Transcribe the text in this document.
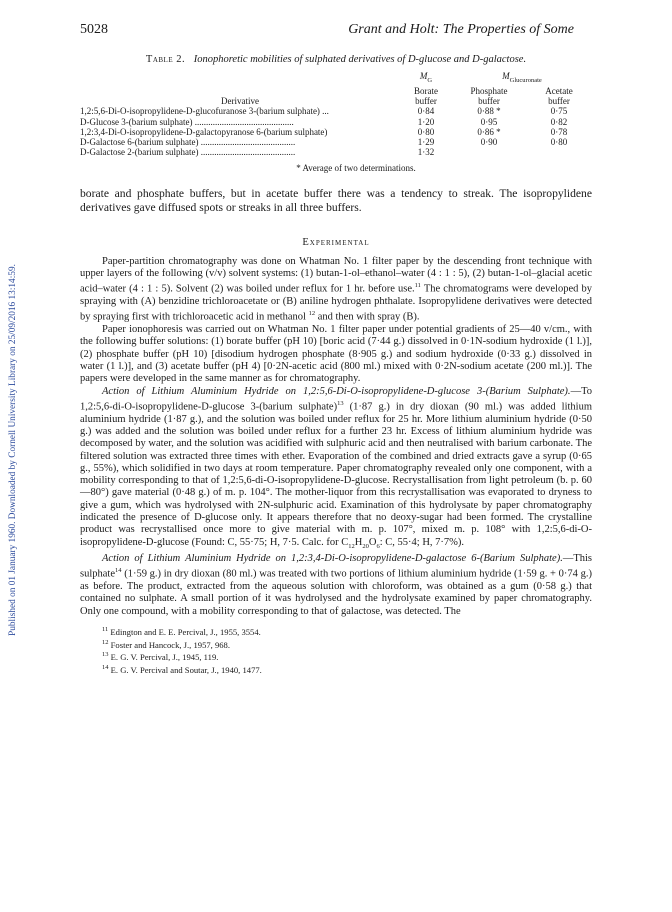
Published on 01 January 1960. Downloaded by Cornell University Library on 25/09/2016 13:14:59.
5028	Grant and Holt: The Properties of Some
Table 2. Ionophoretic mobilities of sulphated derivatives of D-glucose and D-galactose.
	$M_G$	$M_{Glucuronate}$
	Borate	Phosphate	Acetate
Derivative	buffer	buffer	buffer
1,2:5,6-Di-O-isopropylidene-D-glucofuranose 3-(barium sulphate) ...	0·84	0·88 *	0·75
D-Glucose 3-(barium sulphate) ............................................	1·20	0·95	0·82
1,2:3,4-Di-O-isopropylidene-D-galactopyranose 6-(barium sulphate)	0·80	0·86 *	0·78
D-Galactose 6-(barium sulphate) ..........................................	1·29	0·90	0·80
D-Galactose 2-(barium sulphate) ..........................................	1·32		
* Average of two determinations.

borate and phosphate buffers, but in acetate buffer there was a tendency to streak. The isopropylidene derivatives gave diffused spots or streaks in all three buffers.

Experimental

Paper-partition chromatography was done on Whatman No. 1 filter paper by the descending front technique with upper layers of the following (v/v) solvent systems: (1) butan-1-ol–ethanol–water (4 : 1 : 5), (2) butan-1-ol–glacial acetic acid–water (4 : 1 : 5). Solvent (2) was boiled under reflux for 1 hr. before use.$^{11}$ The chromatograms were developed by spraying with (A) benzidine trichloroacetate or (B) aniline hydrogen phthalate. Isopropylidene derivatives were detected by spraying first with trichloroacetic acid in methanol $^{12}$ and then with spray (B).

Paper ionophoresis was carried out on Whatman No. 1 filter paper under potential gradients of 25—40 v/cm., with the following buffer solutions: (1) borate buffer (pH 10) [boric acid (7·44 g.) dissolved in 0·1N-sodium hydroxide (1 l.)], (2) phosphate buffer (pH 10) [disodium hydrogen phosphate (8·905 g.) and sodium hydroxide (0·33 g.) dissolved in water (1 l.)], and (3) acetate buffer (pH 4) [0·2N-acetic acid (800 ml.) mixed with 0·2N-sodium acetate (200 ml.)]. The papers were developed in the same manner as for chromatography.

Action of Lithium Aluminium Hydride on 1,2:5,6-Di-O-isopropylidene-D-glucose 3-(Barium Sulphate).—To 1,2:5,6-di-O-isopropylidene-D-glucose 3-(barium sulphate)$^{13}$ (1·87 g.) in dry dioxan (90 ml.) was added lithium aluminium hydride (1·87 g.), and the solution was boiled under reflux for 25 hr. More lithium aluminium hydride (0·50 g.) was added and the solution was boiled under reflux for a further 23 hr. Excess of lithium aluminium hydride was decomposed by water, and the solution was acidified with sulphuric acid and then neutralised with barium carbonate. The filtered solution was extracted three times with ether. Evaporation of the combined and dried extracts gave a syrup (0·65 g., 55%), which solidified in two days at room temperature. Paper chromatography revealed only one component, with a mobility corresponding to that of 1,2:5,6-di-O-isopropylidene-D-glucose. Recrystallisation from light petroleum (b. p. 60—80°) gave material (0·48 g.) of m. p. 104°. The mother-liquor from this recrystallisation was evaporated to dryness to give a gum, which was hydrolysed with 2N-sulphuric acid. Examination of this hydrolysate by paper chromatography indicated the presence of D-glucose only. It appears therefore that no deoxy-sugar had been formed. The crystalline product was recrystallised once more to give material with m. p. 107°, mixed m. p. 108° with 1,2:5,6-di-O-isopropylidene-D-glucose (Found: C, 55·75; H, 7·5. Calc. for $C_{12}H_{20}O_6$: C, 55·4; H, 7·7%).

Action of Lithium Aluminium Hydride on 1,2:3,4-Di-O-isopropylidene-D-galactose 6-(Barium Sulphate).—This sulphate$^{14}$ (1·59 g.) in dry dioxan (80 ml.) was treated with two portions of lithium aluminium hydride (1·59 g. + 0·74 g.) as before. The product, extracted from the aqueous solution with chloroform, was obtained as a gum (0·58 g.) that contained no sulphate. A small portion of it was hydrolysed and the hydrolysate examined by paper chromatography. Only one compound, with a mobility corresponding to that of galactose, was detected. The

$^{11}$ Edington and E. E. Percival, J., 1955, 3554.
$^{12}$ Foster and Hancock, J., 1957, 968.
$^{13}$ E. G. V. Percival, J., 1945, 119.
$^{14}$ E. G. V. Percival and Soutar, J., 1940, 1477.
